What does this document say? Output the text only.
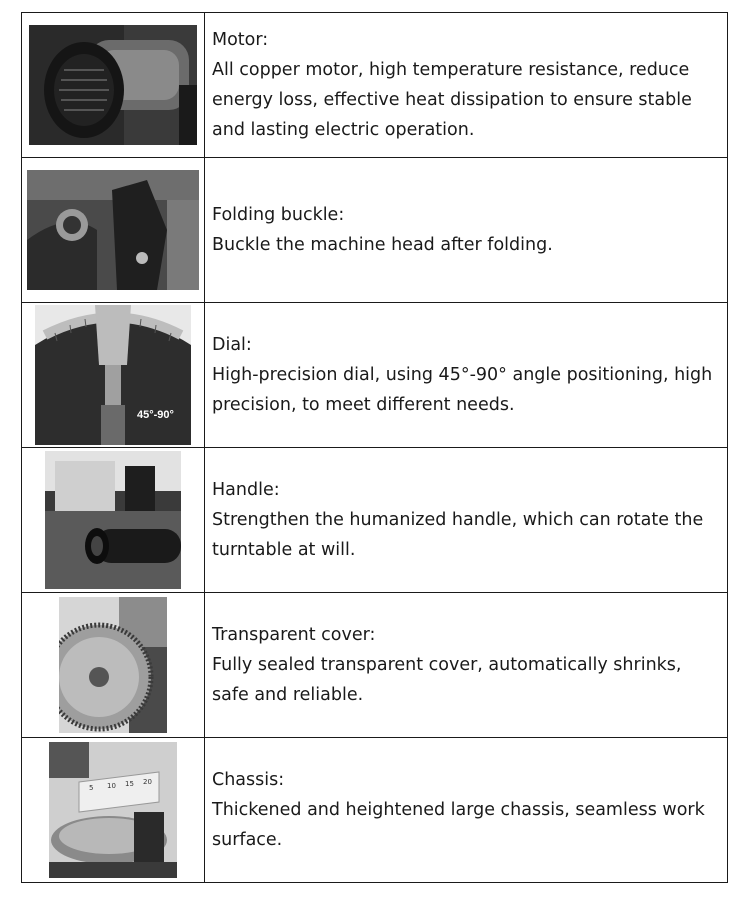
Motor:
All copper motor, high temperature resistance, reduce energy loss, effective heat dissipation to ensure stable and lasting electric operation.

Folding buckle:
Buckle the machine head after folding.

45°-90°	Dial:
High-precision dial, using 45°-90° angle positioning, high precision, to meet different needs.

Handle:
Strengthen the humanized handle, which can rotate the turntable at will.

Transparent cover:
Fully sealed transparent cover, automatically shrinks, safe and reliable.

5 10 15 20	Chassis:
Thickened and heightened large chassis, seamless work surface.
